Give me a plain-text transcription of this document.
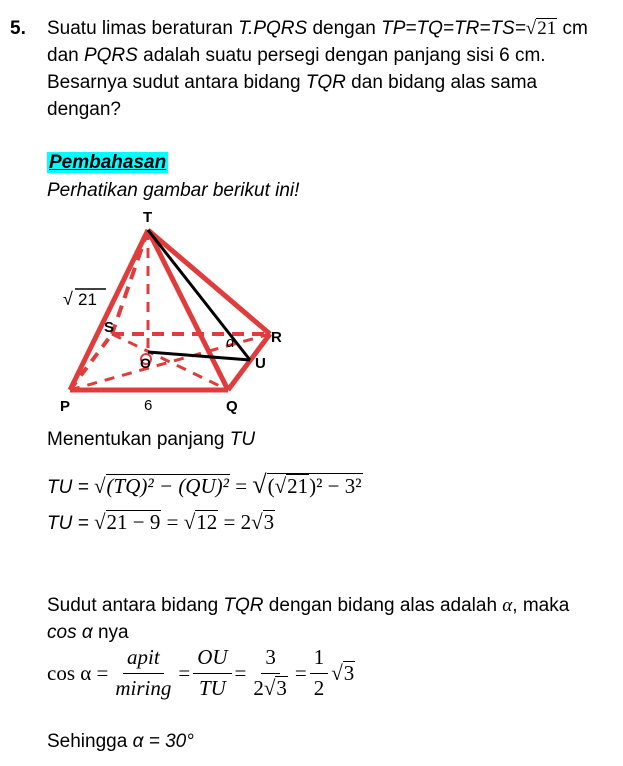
5. Suatu limas beraturan T.PQRS dengan TP=TQ=TR=TS=√21 cm
dan PQRS adalah suatu persegi dengan panjang sisi 6 cm.
Besarnya sudut antara bidang TQR dan bidang alas sama
dengan?
Pembahasan
Perhatikan gambar berikut ini!
T
S
R
O	U
P	Q
6
α
√ 21
Menentukan panjang TU
TU = √(TQ)² − (QU)² = √(√21)² − 3²
TU = √21 − 9 = √12 = 2√3
Sudut antara bidang TQR dengan bidang alas adalah α, maka
cos α nya
$\cos \alpha = \frac{\text{apit}}{\text{miring}} = \frac{OU}{TU} = \frac{3}{2√3} = \frac{1}{2} √3$
Sehingga α = 30°
